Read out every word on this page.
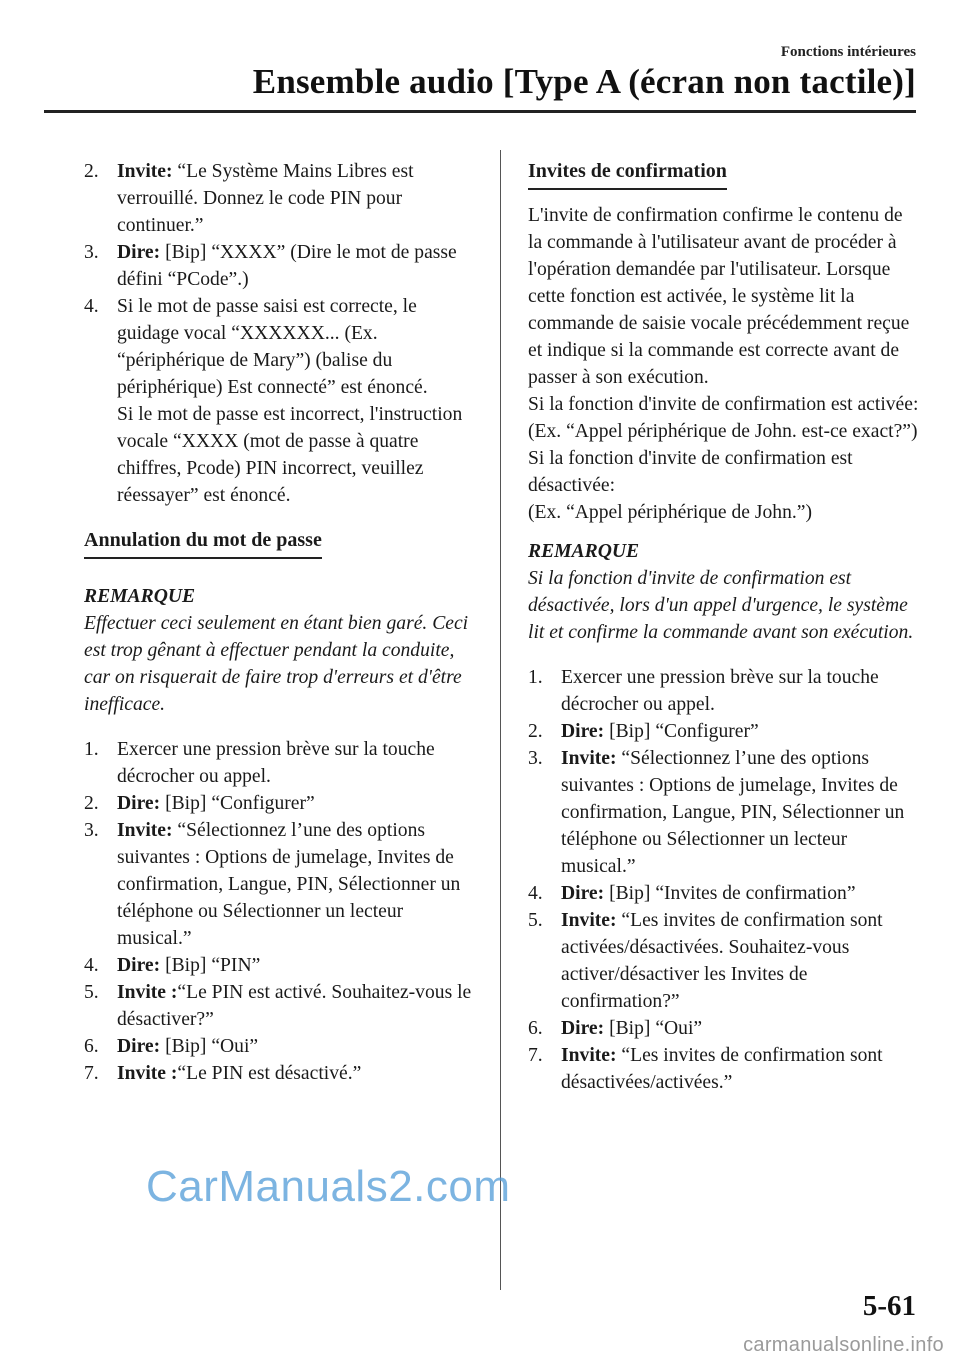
Fonctions intérieures
Ensemble audio [Type A (écran non tactile)]
2. Invite: “Le Système Mains Libres est verrouillé. Donnez le code PIN pour continuer.”
3. Dire: [Bip] “XXXX” (Dire le mot de passe défini “PCode”.)
4. Si le mot de passe saisi est correcte, le guidage vocal “XXXXXX... (Ex. “périphérique de Mary”) (balise du périphérique) Est connecté” est énoncé.
Si le mot de passe est incorrect, l'instruction vocale “XXXX (mot de passe à quatre chiffres, Pcode) PIN incorrect, veuillez réessayer” est énoncé.
Annulation du mot de passe

REMARQUE

Effectuer ceci seulement en étant bien garé. Ceci est trop gênant à effectuer pendant la conduite, car on risquerait de faire trop d'erreurs et d'être inefficace.

1. Exercer une pression brève sur la touche décrocher ou appel.
2. Dire: [Bip] “Configurer”
3. Invite: “Sélectionnez l’une des options suivantes : Options de jumelage, Invites de confirmation, Langue, PIN, Sélectionner un téléphone ou Sélectionner un lecteur musical.”
4. Dire: [Bip] “PIN”
5. Invite :“Le PIN est activé. Souhaitez-vous le désactiver?”
6. Dire: [Bip] “Oui”
7. Invite :“Le PIN est désactivé.”
Invites de confirmation

L'invite de confirmation confirme le contenu de la commande à l'utilisateur avant de procéder à l'opération demandée par l'utilisateur. Lorsque cette fonction est activée, le système lit la commande de saisie vocale précédemment reçue et indique si la commande est correcte avant de passer à son exécution.

Si la fonction d'invite de confirmation est activée:

(Ex. “Appel périphérique de John. est-ce exact?”)

Si la fonction d'invite de confirmation est désactivée:

(Ex. “Appel périphérique de John.”)

REMARQUE

Si la fonction d'invite de confirmation est désactivée, lors d'un appel d'urgence, le système lit et confirme la commande avant son exécution.

1. Exercer une pression brève sur la touche décrocher ou appel.
2. Dire: [Bip] “Configurer”
3. Invite: “Sélectionnez l’une des options suivantes : Options de jumelage, Invites de confirmation, Langue, PIN, Sélectionner un téléphone ou Sélectionner un lecteur musical.”
4. Dire: [Bip] “Invites de confirmation”
5. Invite: “Les invites de confirmation sont activées/désactivées. Souhaitez-vous activer/désactiver les Invites de confirmation?”
6. Dire: [Bip] “Oui”
7. Invite: “Les invites de confirmation sont désactivées/activées.”
CarManuals2.com
5-61
carmanualsonline.info
